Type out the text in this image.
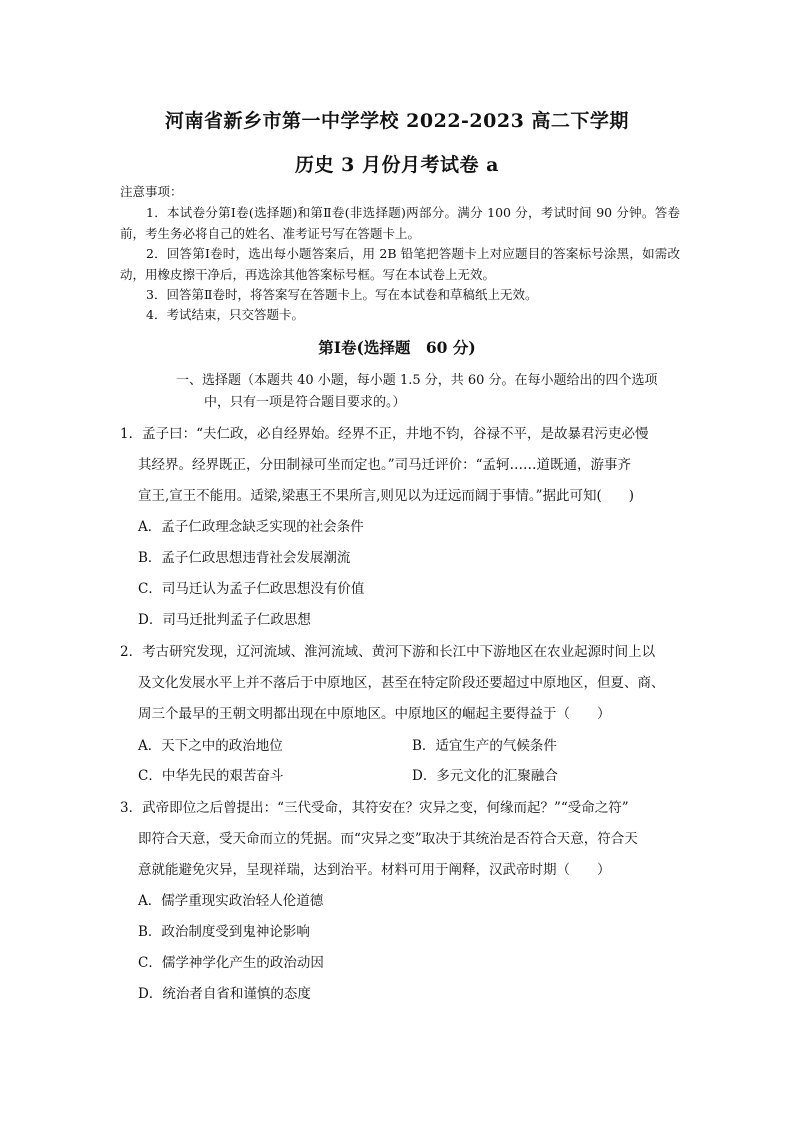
河南省新乡市第一中学学校 2022-2023 高二下学期
历史 3 月份月考试卷 a
注意事项：
1．本试卷分第Ⅰ卷(选择题)和第Ⅱ卷(非选择题)两部分。满分 100 分，考试时间 90 分钟。答卷前，考生务必将自己的姓名、准考证号写在答题卡上。
2．回答第Ⅰ卷时，选出每小题答案后，用 2B 铅笔把答题卡上对应题目的答案标号涂黑，如需改动，用橡皮擦干净后，再选涂其他答案标号框。写在本试卷上无效。
3．回答第Ⅱ卷时，将答案写在答题卡上。写在本试卷和草稿纸上无效。
4．考试结束，只交答题卡。
第Ⅰ卷(选择题　60 分)
一、选择题（本题共 40 小题，每小题 1.5 分，共 60 分。在每小题给出的四个选项
中，只有一项是符合题目要求的。）
1．孟子曰：“夫仁政，必自经界始。经界不正，井地不钧，谷禄不平，是故暴君污吏必慢
其经界。经界既正，分田制禄可坐而定也。”司马迁评价：“孟轲……道既通，游事齐
宣王,宣王不能用。适梁,梁惠王不果所言,则见以为迂远而阔于事情。”据此可知(　　)
A．孟子仁政理念缺乏实现的社会条件
B．孟子仁政思想违背社会发展潮流
C．司马迁认为孟子仁政思想没有价值
D．司马迁批判孟子仁政思想
2．考古研究发现，辽河流域、淮河流域、黄河下游和长江中下游地区在农业起源时间上以
及文化发展水平上并不落后于中原地区，甚至在特定阶段还要超过中原地区，但夏、商、
周三个最早的王朝文明都出现在中原地区。中原地区的崛起主要得益于（　　）
A．天下之中的政治地位	B．适宜生产的气候条件
C．中华先民的艰苦奋斗	D．多元文化的汇聚融合
3．武帝即位之后曾提出：“三代受命，其符安在？灾异之变，何缘而起？”“受命之符”
即符合天意，受天命而立的凭据。而“灾异之变”取决于其统治是否符合天意，符合天
意就能避免灾异，呈现祥瑞，达到治平。材料可用于阐释，汉武帝时期（　　）
A．儒学重现实政治轻人伦道德
B．政治制度受到鬼神论影响
C．儒学神学化产生的政治动因
D．统治者自省和谨慎的态度
